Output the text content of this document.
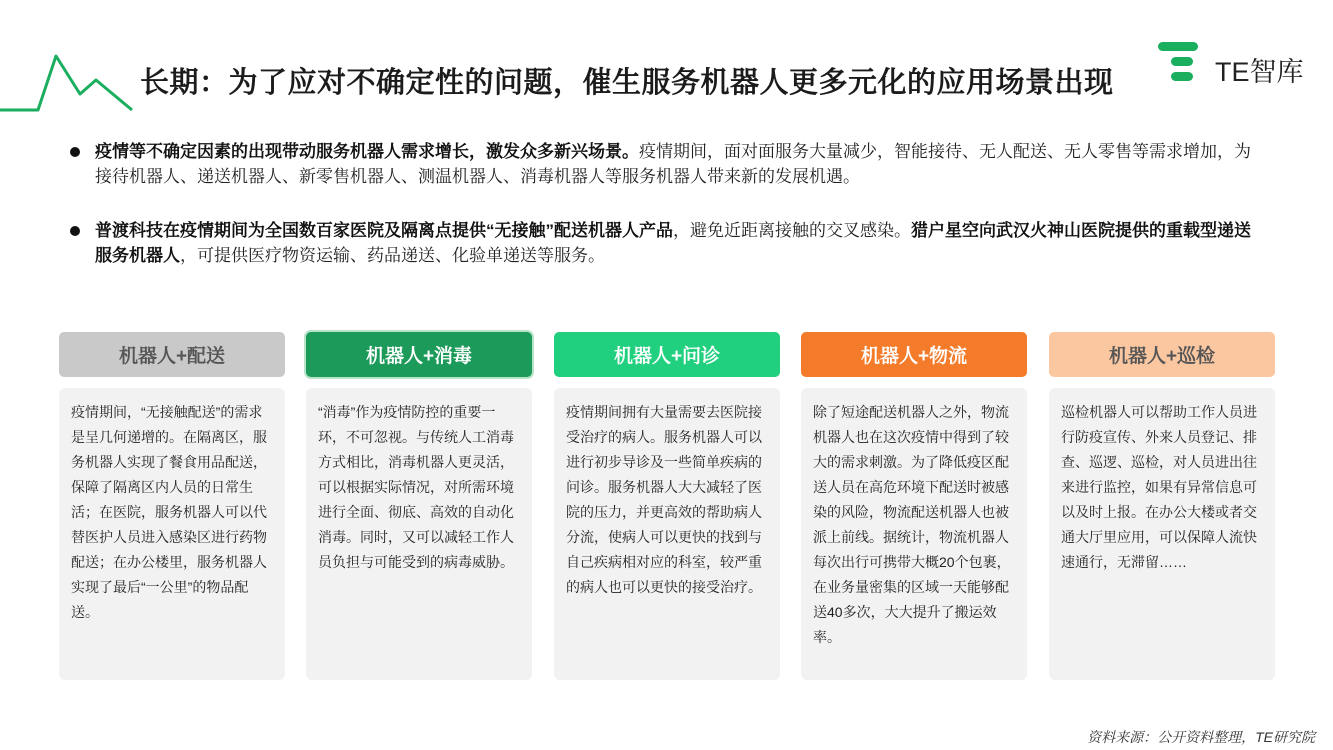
长期：为了应对不确定性的问题，催生服务机器人更多元化的应用场景出现	TE智库
疫情等不确定因素的出现带动服务机器人需求增长，激发众多新兴场景。疫情期间，面对面服务大量减少，智能接待、无人配送、无人零售等需求增加，为接待机器人、递送机器人、新零售机器人、测温机器人、消毒机器人等服务机器人带来新的发展机遇。
普渡科技在疫情期间为全国数百家医院及隔离点提供“无接触”配送机器人产品，避免近距离接触的交叉感染。猎户星空向武汉火神山医院提供的重载型递送服务机器人，可提供医疗物资运输、药品递送、化验单递送等服务。
机器人+配送
疫情期间，“无接触配送”的需求是呈几何递增的。在隔离区，服务机器人实现了餐食用品配送，保障了隔离区内人员的日常生活；在医院，服务机器人可以代替医护人员进入感染区进行药物配送；在办公楼里，服务机器人实现了最后“一公里”的物品配送。
机器人+消毒
“消毒”作为疫情防控的重要一环，不可忽视。与传统人工消毒方式相比，消毒机器人更灵活，可以根据实际情况，对所需环境进行全面、彻底、高效的自动化消毒。同时，又可以减轻工作人员负担与可能受到的病毒威胁。
机器人+问诊
疫情期间拥有大量需要去医院接受治疗的病人。服务机器人可以进行初步导诊及一些简单疾病的问诊。服务机器人大大减轻了医院的压力，并更高效的帮助病人分流，使病人可以更快的找到与自己疾病相对应的科室，较严重的病人也可以更快的接受治疗。
机器人+物流
除了短途配送机器人之外，物流机器人也在这次疫情中得到了较大的需求刺激。为了降低疫区配送人员在高危环境下配送时被感染的风险，物流配送机器人也被派上前线。据统计，物流机器人每次出行可携带大概20个包裹，在业务量密集的区域一天能够配送40多次，大大提升了搬运效率。
机器人+巡检
巡检机器人可以帮助工作人员进行防疫宣传、外来人员登记、排查、巡逻、巡检，对人员进出往来进行监控，如果有异常信息可以及时上报。在办公大楼或者交通大厅里应用，可以保障人流快速通行，无滞留……
资料来源：公开资料整理，TE研究院
